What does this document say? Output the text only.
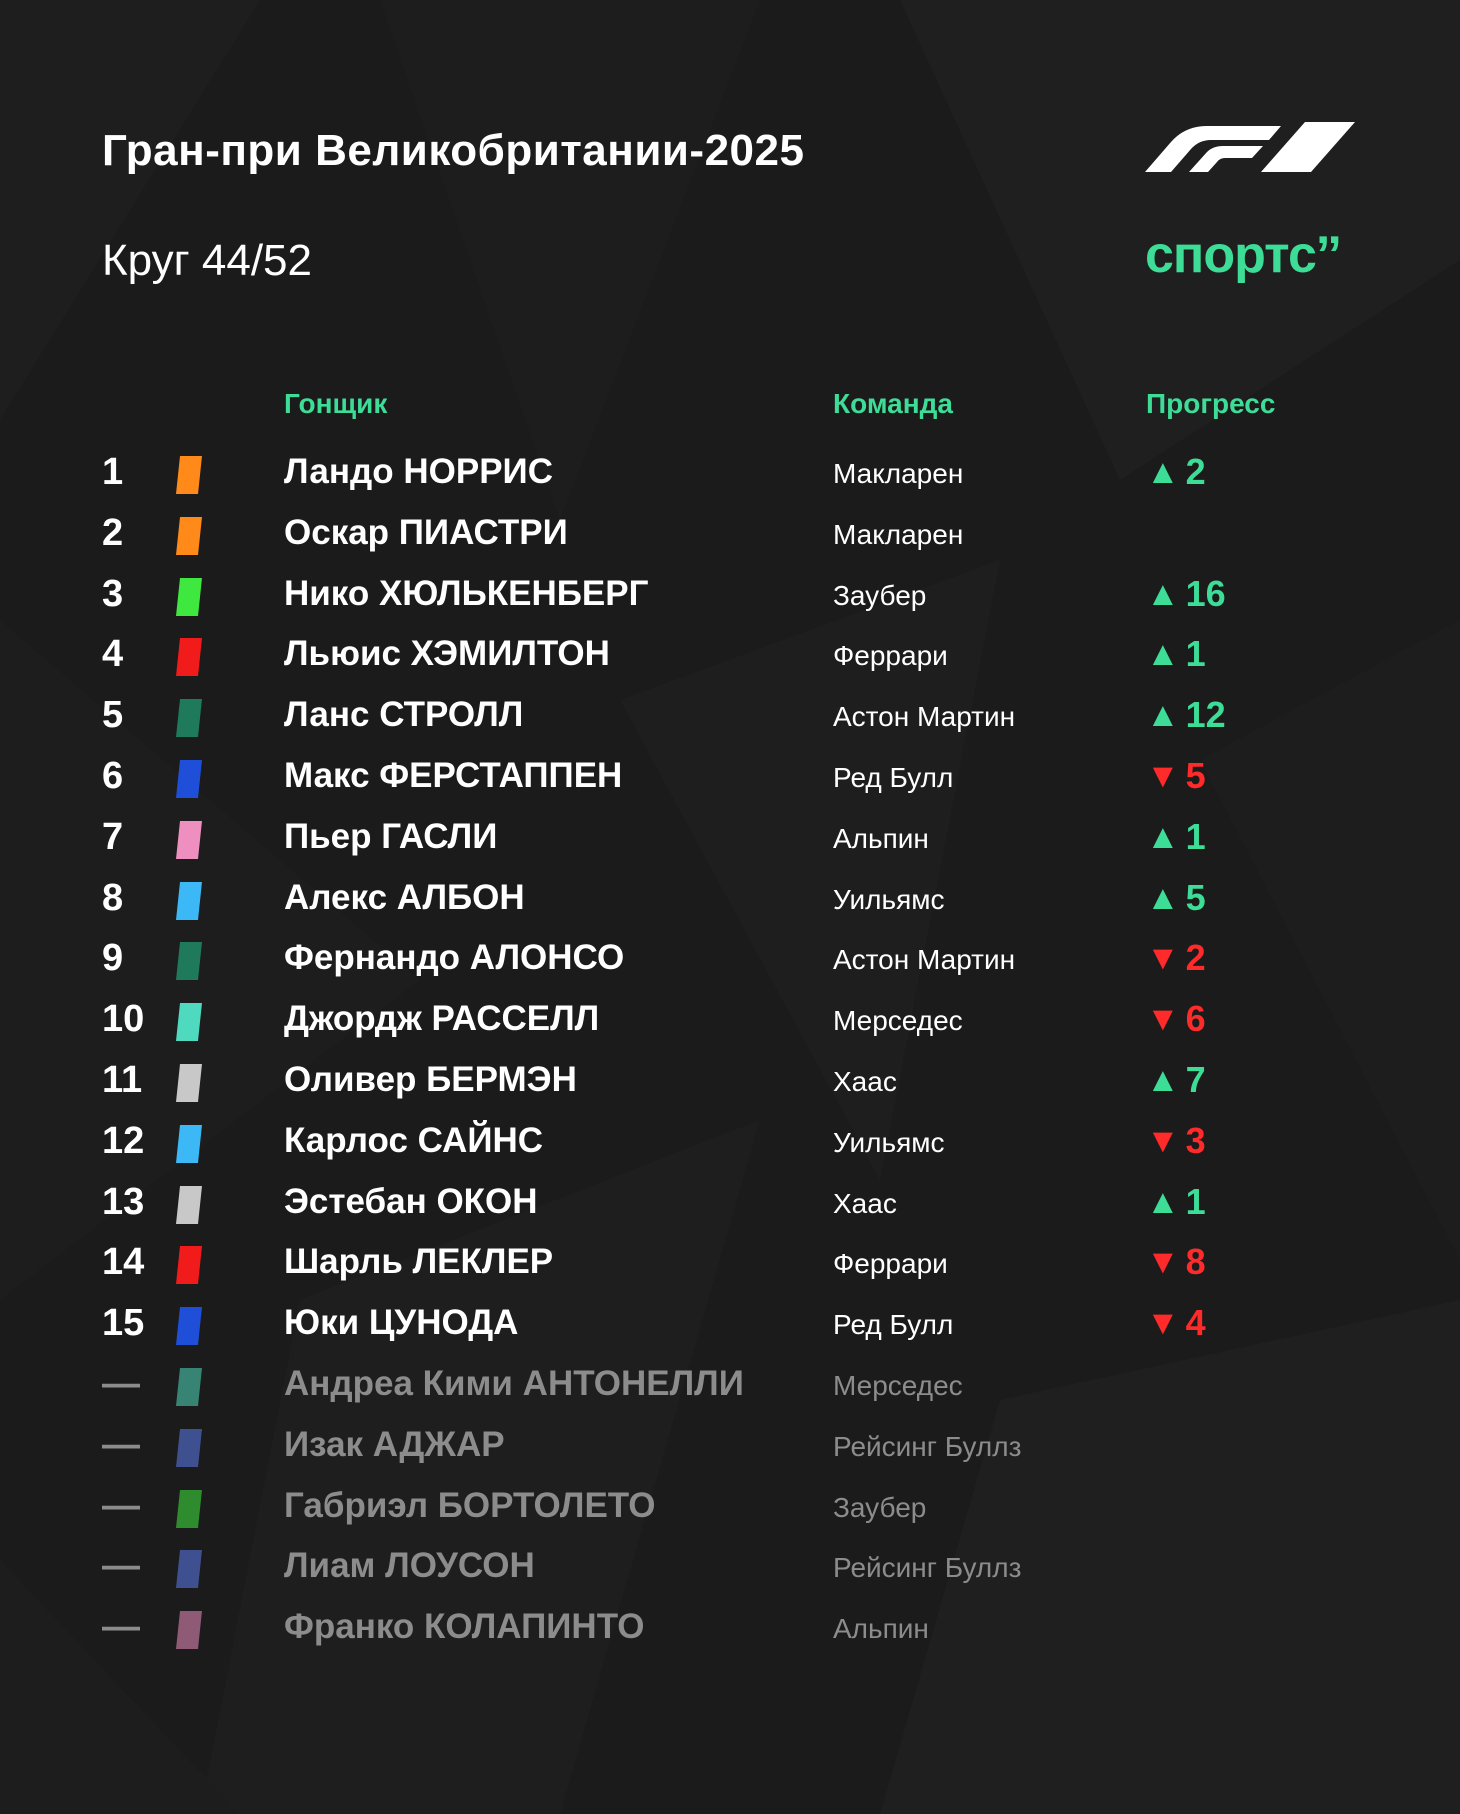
Гран-при Великобритании-2025
Круг 44/52	спортс’’
Гонщик	Команда	Прогресс
1	Ландо НОРРИС	Макларен	▲ 2
2	Оскар ПИАСТРИ	Макларен
3	Нико ХЮЛЬКЕНБЕРГ	Заубер	▲ 16
4	Льюис ХЭМИЛТОН	Феррари	▲ 1
5	Ланс СТРОЛЛ	Астон Мартин	▲ 12
6	Макс ФЕРСТАППЕН	Ред Булл	▼ 5
7	Пьер ГАСЛИ	Альпин	▲ 1
8	Алекс АЛБОН	Уильямс	▲ 5
9	Фернандо АЛОНСО	Астон Мартин	▼ 2
10	Джордж РАССЕЛЛ	Мерседес	▼ 6
11	Оливер БЕРМЭН	Хаас	▲ 7
12	Карлос САЙНС	Уильямс	▼ 3
13	Эстебан ОКОН	Хаас	▲ 1
14	Шарль ЛЕКЛЕР	Феррари	▼ 8
15	Юки ЦУНОДА	Ред Булл	▼ 4
—	Андреа Кими АНТОНЕЛЛИ	Мерседес
—	Изак АДЖАР	Рейсинг Буллз
—	Габриэл БОРТОЛЕТО	Заубер
—	Лиам ЛОУСОН	Рейсинг Буллз
—	Франко КОЛАПИНТО	Альпин
